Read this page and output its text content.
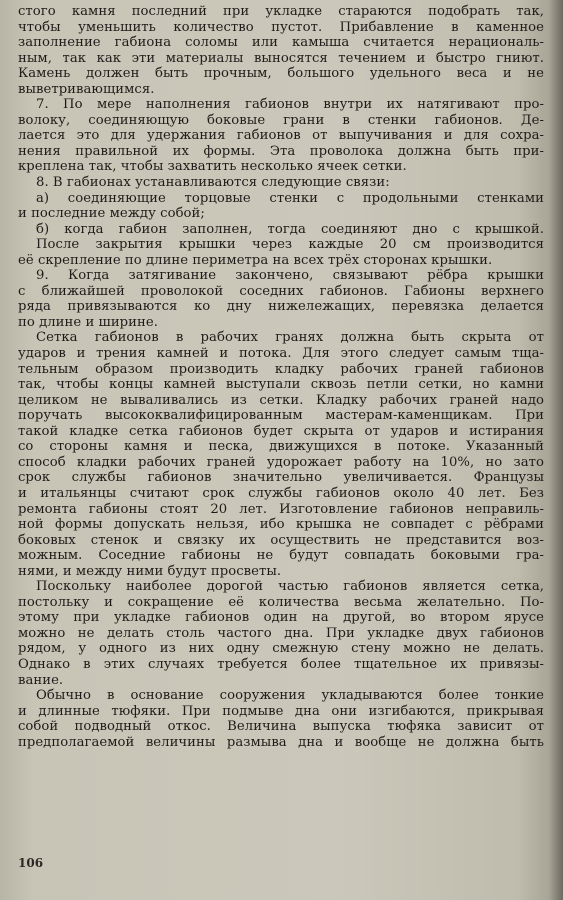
стого камня последний при укладке стараются подобрать так,
чтобы уменьшить количество пустот. Прибавление в каменное
заполнение габиона соломы или камыша считается нерациональ-
ным, так как эти материалы выносятся течением и быстро гниют.
Камень должен быть прочным, большого удельного веса и не
выветривающимся.
7. По мере наполнения габионов внутри их натягивают про-
волоку, соединяющую боковые грани в стенки габионов. Де-
лается это для удержания габионов от выпучивания и для сохра-
нения правильной их формы. Эта проволока должна быть при-
креплена так, чтобы захватить несколько ячеек сетки.
8. В габионах устанавливаются следующие связи:
а) соединяющие торцовые стенки с продольными стенками
и последние между собой;
б) когда габион заполнен, тогда соединяют дно с крышкой.
После закрытия крышки через каждые 20 см производится
её скрепление по длине периметра на всех трёх сторонах крышки.
9. Когда затягивание закончено, связывают рёбра крышки
с ближайшей проволокой соседних габионов. Габионы верхнего
ряда привязываются ко дну нижележащих, перевязка делается
по длине и ширине.
Сетка габионов в рабочих гранях должна быть скрыта от
ударов и трения камней и потока. Для этого следует самым тща-
тельным образом производить кладку рабочих граней габионов
так, чтобы концы камней выступали сквозь петли сетки, но камни
целиком не вываливались из сетки. Кладку рабочих граней надо
поручать высококвалифицированным мастерам-каменщикам. При
такой кладке сетка габионов будет скрыта от ударов и истирания
со стороны камня и песка, движущихся в потоке. Указанный
способ кладки рабочих граней удорожает работу на 10%, но зато
срок службы габионов значительно увеличивается. Французы
и итальянцы считают срок службы габионов около 40 лет. Без
ремонта габионы стоят 20 лет. Изготовление габионов неправиль-
ной формы допускать нельзя, ибо крышка не совпадет с рёбрами
боковых стенок и связку их осуществить не представится воз-
можным. Соседние габионы не будут совпадать боковыми гра-
нями, и между ними будут просветы.
Поскольку наиболее дорогой частью габионов является сетка,
постольку и сокращение её количества весьма желательно. По-
этому при укладке габионов один на другой, во втором ярусе
можно не делать столь частого дна. При укладке двух габионов
рядом, у одного из них одну смежную стену можно не делать.
Однако в этих случаях требуется более тщательное их привязы-
вание.
Обычно в основание сооружения укладываются более тонкие
и длинные тюфяки. При подмыве дна они изгибаются, прикрывая
собой подводный откос. Величина выпуска тюфяка зависит от
предполагаемой величины размыва дна и вообще не должна быть
106
